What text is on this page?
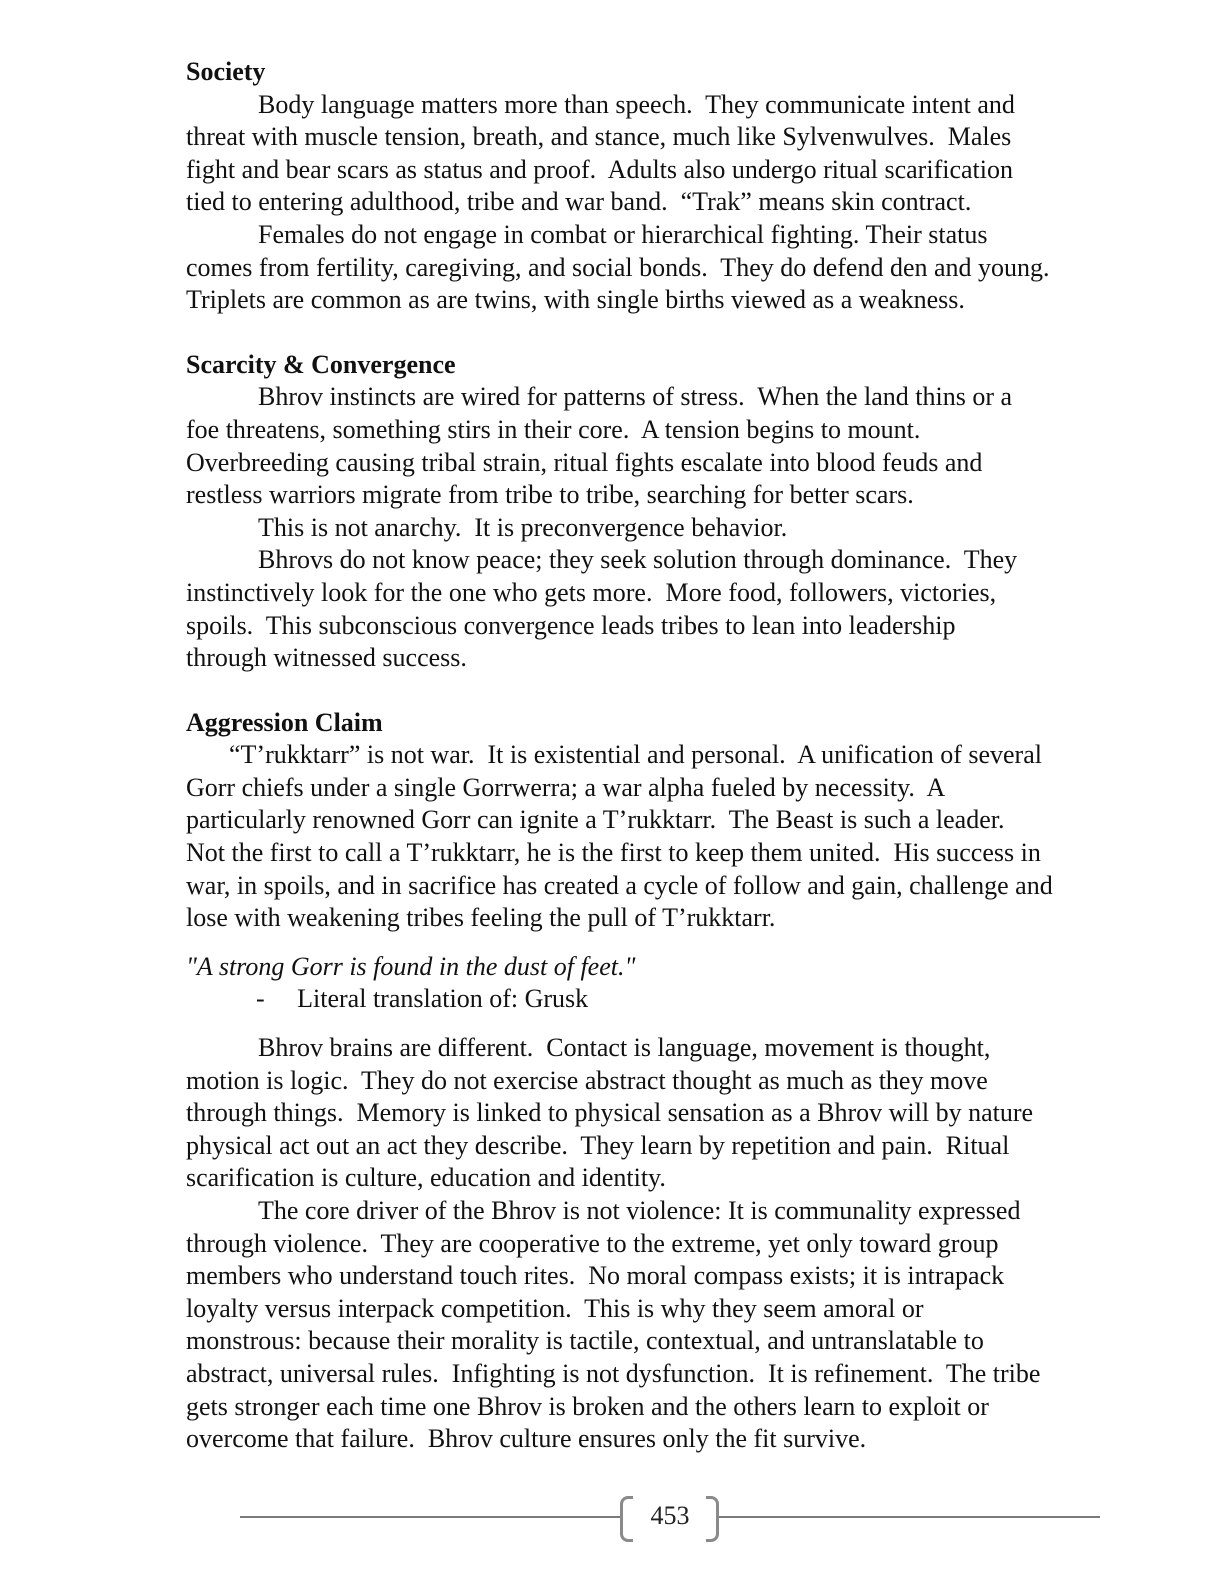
Society
Body language matters more than speech.  They communicate intent and
threat with muscle tension, breath, and stance, much like Sylvenwulves.  Males
fight and bear scars as status and proof.  Adults also undergo ritual scarification
tied to entering adulthood, tribe and war band.  “Trak” means skin contract.
Females do not engage in combat or hierarchical fighting. Their status
comes from fertility, caregiving, and social bonds.  They do defend den and young.
Triplets are common as are twins, with single births viewed as a weakness.
Scarcity & Convergence
Bhrov instincts are wired for patterns of stress.  When the land thins or a
foe threatens, something stirs in their core.  A tension begins to mount.
Overbreeding causing tribal strain, ritual fights escalate into blood feuds and
restless warriors migrate from tribe to tribe, searching for better scars.
This is not anarchy.  It is preconvergence behavior.
Bhrovs do not know peace; they seek solution through dominance.  They
instinctively look for the one who gets more.  More food, followers, victories,
spoils.  This subconscious convergence leads tribes to lean into leadership
through witnessed success.
Aggression Claim
“T’rukktarr” is not war.  It is existential and personal.  A unification of several
Gorr chiefs under a single Gorrwerra; a war alpha fueled by necessity.  A
particularly renowned Gorr can ignite a T’rukktarr.  The Beast is such a leader.
Not the first to call a T’rukktarr, he is the first to keep them united.  His success in
war, in spoils, and in sacrifice has created a cycle of follow and gain, challenge and
lose with weakening tribes feeling the pull of T’rukktarr.
"A strong Gorr is found in the dust of feet."
-     Literal translation of: Grusk
Bhrov brains are different.  Contact is language, movement is thought,
motion is logic.  They do not exercise abstract thought as much as they move
through things.  Memory is linked to physical sensation as a Bhrov will by nature
physical act out an act they describe.  They learn by repetition and pain.  Ritual
scarification is culture, education and identity.
The core driver of the Bhrov is not violence: It is communality expressed
through violence.  They are cooperative to the extreme, yet only toward group
members who understand touch rites.  No moral compass exists; it is intrapack
loyalty versus interpack competition.  This is why they seem amoral or
monstrous: because their morality is tactile, contextual, and untranslatable to
abstract, universal rules.  Infighting is not dysfunction.  It is refinement.  The tribe
gets stronger each time one Bhrov is broken and the others learn to exploit or
overcome that failure.  Bhrov culture ensures only the fit survive.
453
